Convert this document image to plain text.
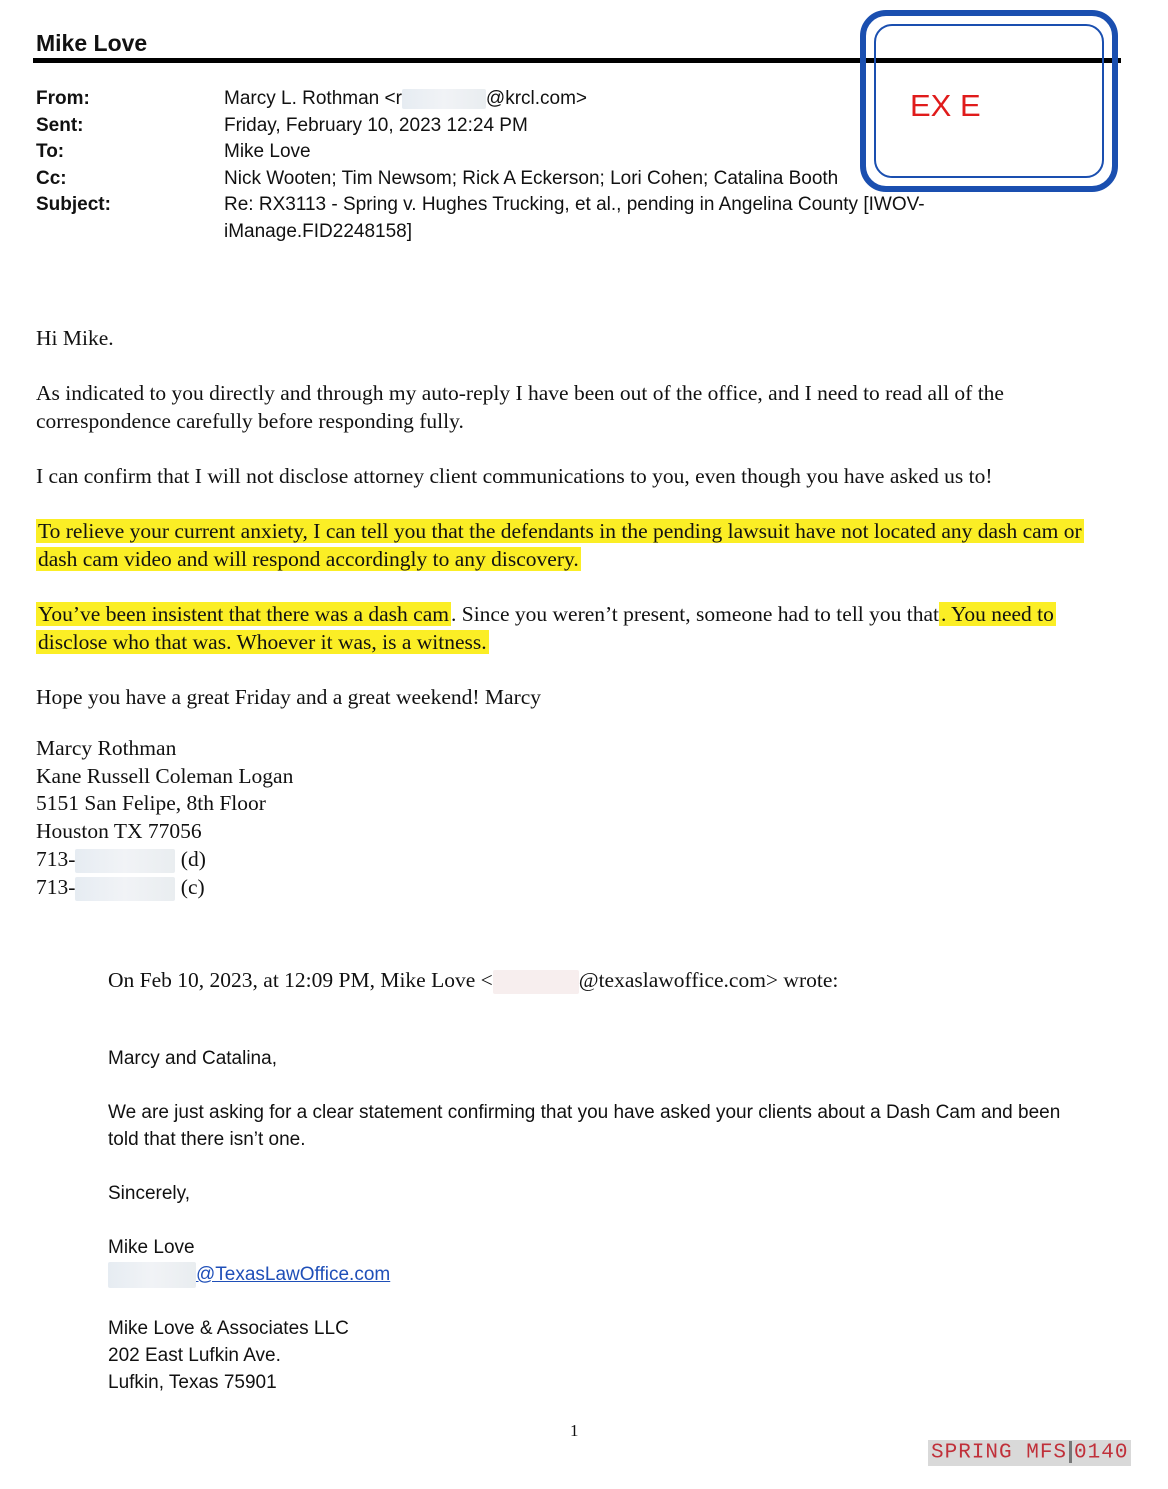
Mike Love
EX E
From:	Marcy L. Rothman <r	@krcl.com>
Sent:	Friday, February 10, 2023 12:24 PM
To:	Mike Love
Cc:	Nick Wooten; Tim Newsom; Rick A Eckerson; Lori Cohen; Catalina Booth
Subject:	Re: RX3113 - Spring v. Hughes Trucking, et al., pending in Angelina County [IWOV-iManage.FID2248158]

Hi Mike.

As indicated to you directly and through my auto-reply I have been out of the office, and I need to read all of the correspondence carefully before responding fully.

I can confirm that I will not disclose attorney client communications to you, even though you have asked us to!

To relieve your current anxiety, I can tell you that the defendants in the pending lawsuit have not located any dash cam or dash cam video and will respond accordingly to any discovery.

You’ve been insistent that there was a dash cam. Since you weren’t present, someone had to tell you that. You need to disclose who that was. Whoever it was, is a witness.

Hope you have a great Friday and a great weekend! Marcy

Marcy Rothman
Kane Russell Coleman Logan
5151 San Felipe, 8th Floor
Houston TX 77056
713-	(d)
713-	(c)
On Feb 10, 2023, at 12:09 PM, Mike Love <	@texaslawoffice.com> wrote:

Marcy and Catalina,

We are just asking for a clear statement confirming that you have asked your clients about a Dash Cam and been told that there isn’t one.

Sincerely,

Mike Love

@TexasLawOffice.com

Mike Love & Associates LLC
202 East Lufkin Ave.
Lufkin, Texas 75901
1
SPRING MFS 0140
